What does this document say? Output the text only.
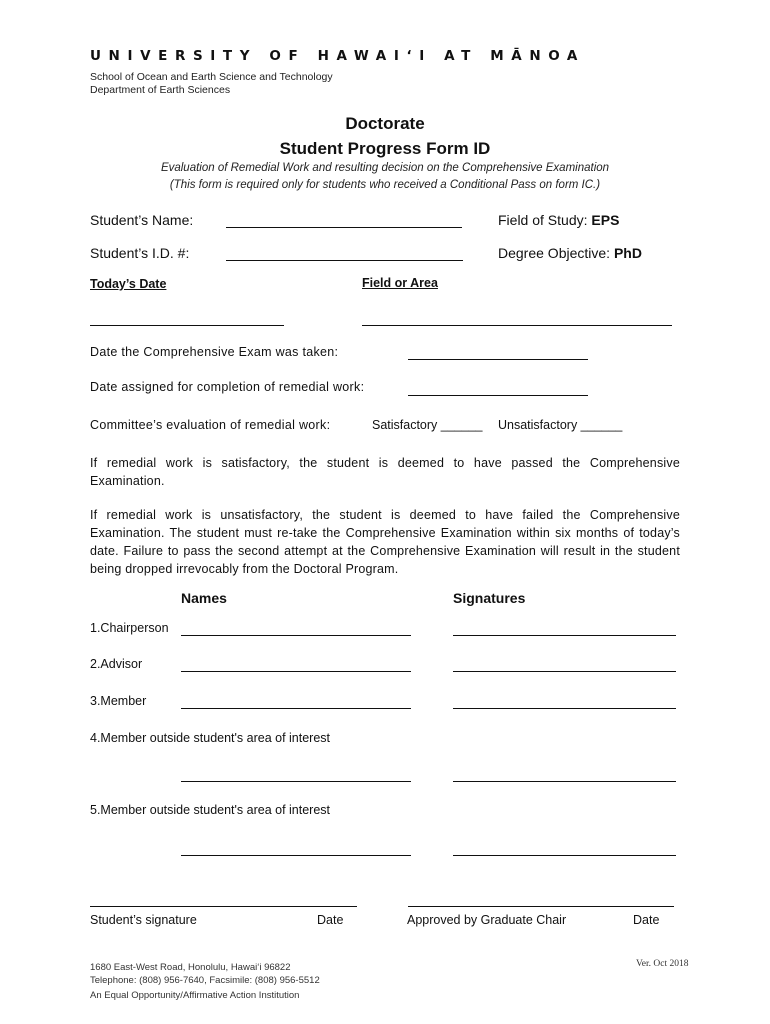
UNIVERSITY OF HAWAI‘I AT MĀNOA
School of Ocean and Earth Science and Technology
Department of Earth Sciences
Doctorate
Student Progress Form ID
Evaluation of Remedial Work and resulting decision on the Comprehensive Examination
(This form is required only for students who received a Conditional Pass on form IC.)
Student’s Name:	Field of Study: EPS
Student’s I.D. #:	Degree Objective: PhD
Today’s Date	Field or Area
Date the Comprehensive Exam was taken:
Date assigned for completion of remedial work:
Committee’s evaluation of remedial work:	Satisfactory ______ Unsatisfactory ______
If remedial work is satisfactory, the student is deemed to have passed the Comprehensive Examination.
If remedial work is unsatisfactory, the student is deemed to have failed the Comprehensive Examination. The student must re-take the Comprehensive Examination within six months of today’s date. Failure to pass the second attempt at the Comprehensive Examination will result in the student being dropped irrevocably from the Doctoral Program.
Names	Signatures
1.Chairperson
2.Advisor
3.Member
4.Member outside student's area of interest
5.Member outside student's area of interest
Student’s signature	Date	Approved by Graduate Chair	Date
1680 East-West Road, Honolulu, Hawai‘i 96822
Telephone: (808) 956-7640, Facsimile: (808) 956-5512
An Equal Opportunity/Affirmative Action Institution
Ver. Oct 2018
